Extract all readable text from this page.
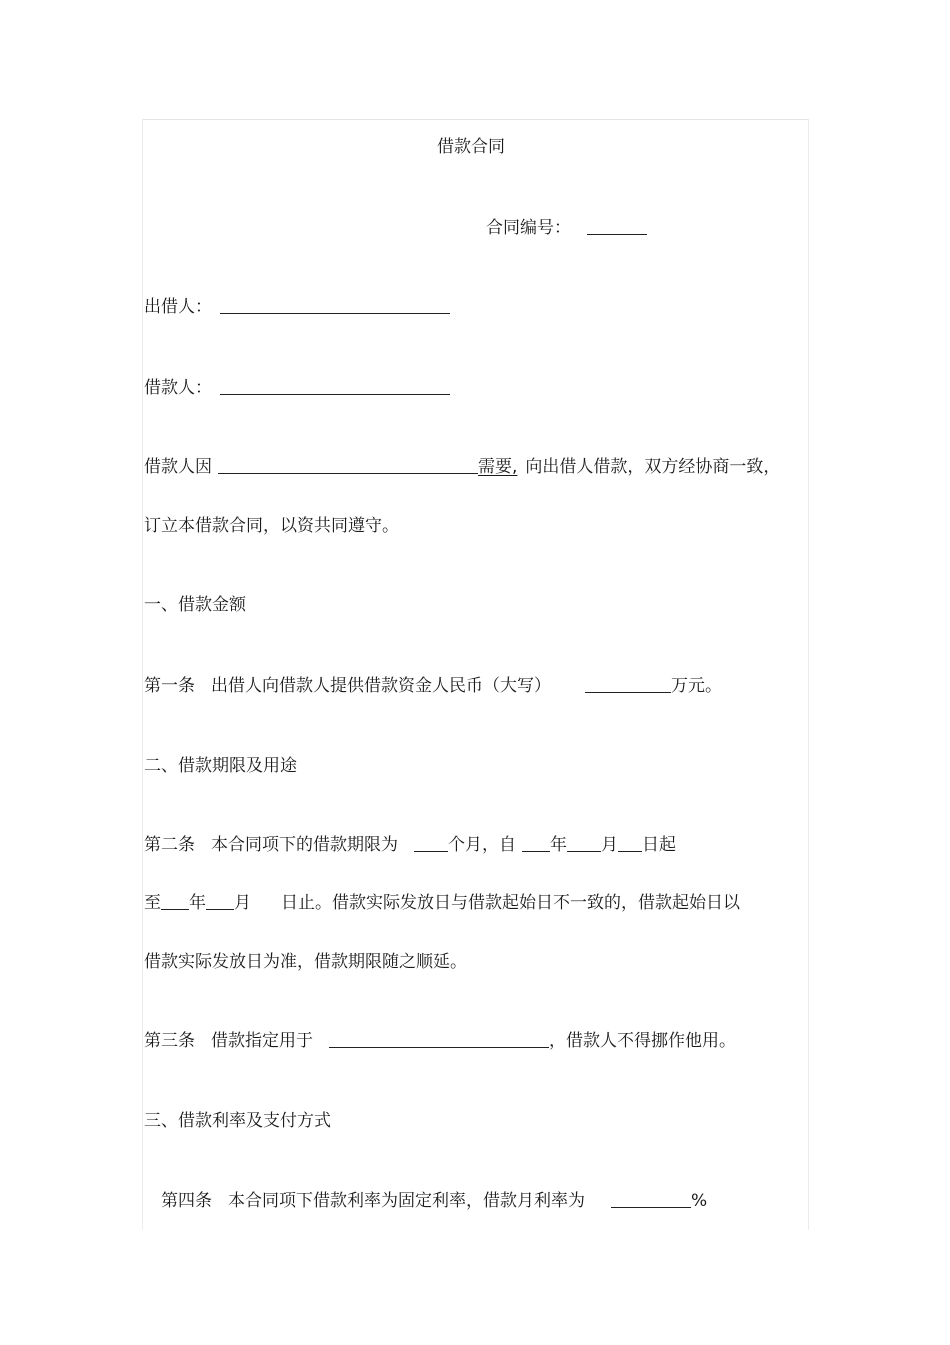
借款合同
合同编号：
出借人：
借款人：
借款人因	需要, 向出借人借款，双方经协商一致，
订立本借款合同，以资共同遵守。
一、借款金额
第一条 出借人向借款人提供借款资金人民币（大写）	万元。
二、借款期限及用途
第二条 本合同项下的借款期限为	个月，自 年 月 日起
至 年 月 日止。借款实际发放日与借款起始日不一致的，借款起始日以
借款实际发放日为准，借款期限随之顺延。
第三条 借款指定用于	，借款人不得挪作他用。
三、借款利率及支付方式
第四条 本合同项下借款利率为固定利率，借款月利率为	%
